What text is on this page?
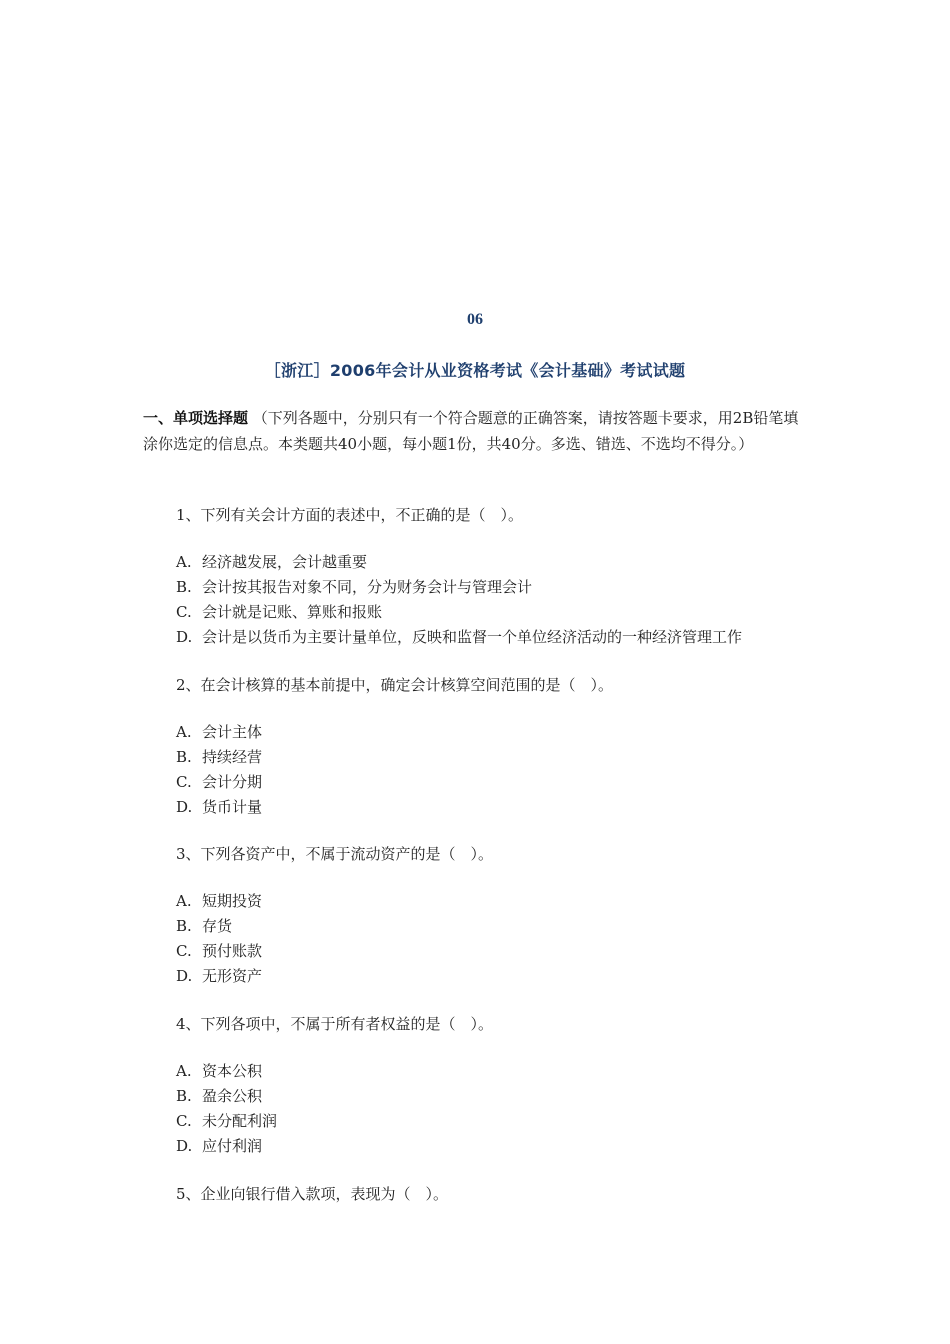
06
［浙江］2006年会计从业资格考试《会计基础》考试试题
一、单项选择题 （下列各题中，分别只有一个符合题意的正确答案，请按答题卡要求，用2B铅笔填涂你选定的信息点。本类题共40小题，每小题1份，共40分。多选、错选、不选均不得分。）
1、下列有关会计方面的表述中，不正确的是（　）。
A. 经济越发展，会计越重要
B. 会计按其报告对象不同，分为财务会计与管理会计
C. 会计就是记账、算账和报账
D. 会计是以货币为主要计量单位，反映和监督一个单位经济活动的一种经济管理工作
2、在会计核算的基本前提中，确定会计核算空间范围的是（　）。
A. 会计主体
B. 持续经营
C. 会计分期
D. 货币计量
3、下列各资产中，不属于流动资产的是（　）。
A. 短期投资
B. 存货
C. 预付账款
D. 无形资产
4、下列各项中，不属于所有者权益的是（　）。
A. 资本公积
B. 盈余公积
C. 未分配利润
D. 应付利润
5、企业向银行借入款项，表现为（　）。
